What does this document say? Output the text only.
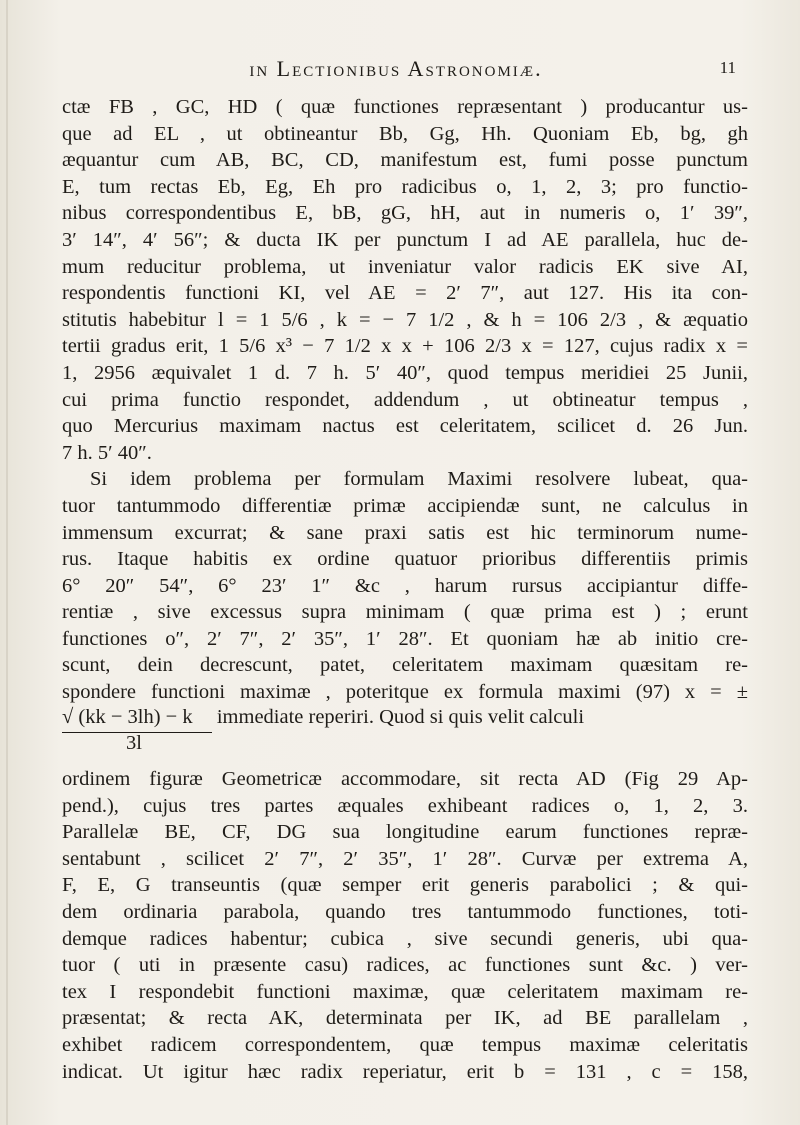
in Lectionibus Astronomiæ.	11
ctæ FB , GC, HD ( quæ functiones repræsentant ) producantur us-
que ad EL , ut obtineantur Bb, Gg, Hh. Quoniam Eb, bg, gh
æquantur cum AB, BC, CD, manifestum est, fumi posse punctum
E, tum rectas Eb, Eg, Eh pro radicibus o, 1, 2, 3; pro functio-
nibus correspondentibus E, bB, gG, hH, aut in numeris o, 1′ 39″,
3′ 14″, 4′ 56″; & ducta IK per punctum I ad AE parallela, huc de-
mum reducitur problema, ut inveniatur valor radicis EK sive AI,
respondentis functioni KI, vel AE = 2′ 7″, aut 127. His ita con-
stitutis habebitur l = 1 5/6 , k = − 7 1/2 , & h = 106 2/3 , & æquatio
tertii gradus erit, 1 5/6 x³ − 7 1/2 x x + 106 2/3 x = 127, cujus radix x =
1, 2956 æquivalet 1 d. 7 h. 5′ 40″, quod tempus meridiei 25 Junii,
cui prima functio respondet, addendum , ut obtineatur tempus ,
quo Mercurius maximam nactus est celeritatem, scilicet d. 26 Jun.
7 h. 5′ 40″.
Si idem problema per formulam Maximi resolvere lubeat, qua-
tuor tantummodo differentiæ primæ accipiendæ sunt, ne calculus in
immensum excurrat; & sane praxi satis est hic terminorum nume-
rus. Itaque habitis ex ordine quatuor prioribus differentiis primis
6° 20″ 54″, 6° 23′ 1″ &c , harum rursus accipiantur diffe-
rentiæ , sive excessus supra minimam ( quæ prima est ) ; erunt
functiones o″, 2′ 7″, 2′ 35″, 1′ 28″. Et quoniam hæ ab initio cre-
scunt, dein decrescunt, patet, celeritatem maximam quæsitam re-
spondere functioni maximæ , poteritque ex formula maximi (97) x = ±
√ (kk − 3lh) − k immediate reperiri. Quod si quis velit calculi
3l
ordinem figuræ Geometricæ accommodare, sit recta AD (Fig 29 Ap-
pend.), cujus tres partes æquales exhibeant radices o, 1, 2, 3.
Parallelæ BE, CF, DG sua longitudine earum functiones repræ-
sentabunt , scilicet 2′ 7″, 2′ 35″, 1′ 28″. Curvæ per extrema A,
F, E, G transeuntis (quæ semper erit generis parabolici ; & qui-
dem ordinaria parabola, quando tres tantummodo functiones, toti-
demque radices habentur; cubica , sive secundi generis, ubi qua-
tuor ( uti in præsente casu) radices, ac functiones sunt &c. ) ver-
tex I respondebit functioni maximæ, quæ celeritatem maximam re-
præsentat; & recta AK, determinata per IK, ad BE parallelam ,
exhibet radicem correspondentem, quæ tempus maximæ celeritatis
indicat. Ut igitur hæc radix reperiatur, erit b = 131 , c = 158,
